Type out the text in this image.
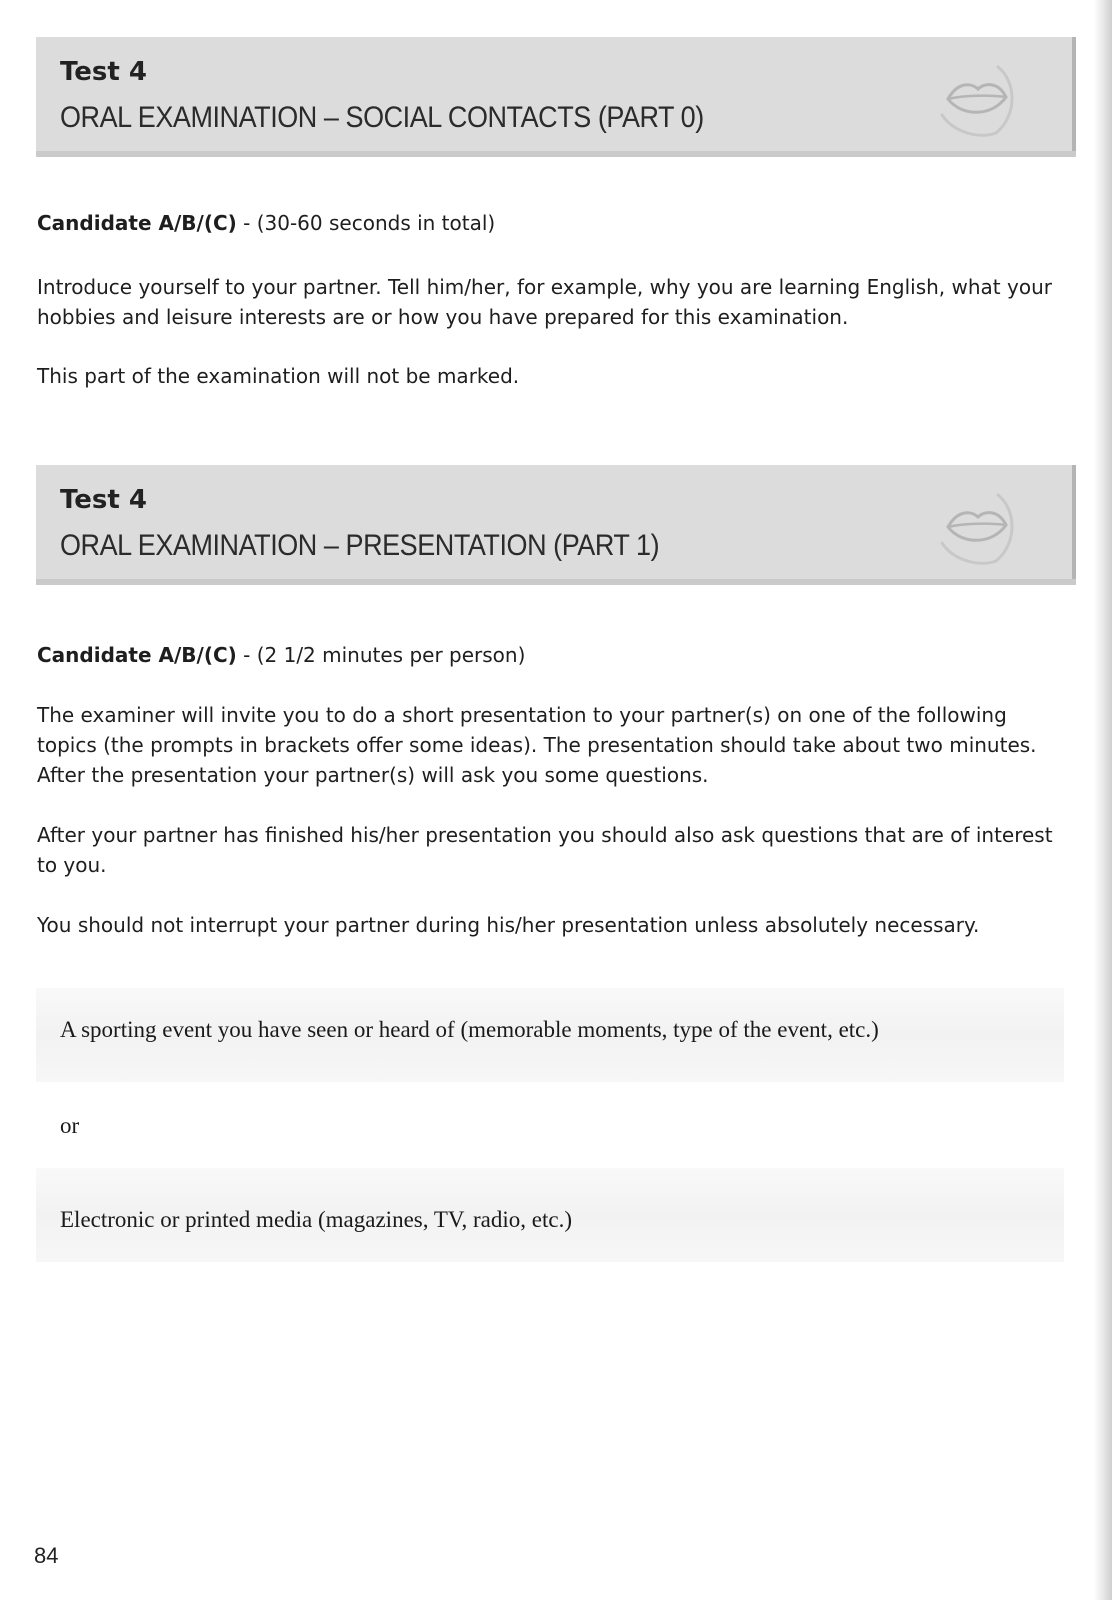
Test 4
ORAL EXAMINATION – SOCIAL CONTACTS (PART 0)

Candidate A/B/(C) - (30-60 seconds in total)

Introduce yourself to your partner. Tell him/her, for example, why you are learning English, what your hobbies and leisure interests are or how you have prepared for this examination.

This part of the examination will not be marked.

Test 4
ORAL EXAMINATION – PRESENTATION (PART 1)

Candidate A/B/(C) - (2 1/2 minutes per person)

The examiner will invite you to do a short presentation to your partner(s) on one of the following topics (the prompts in brackets offer some ideas). The presentation should take about two minutes. After the presentation your partner(s) will ask you some questions.

After your partner has finished his/her presentation you should also ask questions that are of interest to you.

You should not interrupt your partner during his/her presentation unless absolutely necessary.

A sporting event you have seen or heard of (memorable moments, type of the event, etc.)
or
Electronic or printed media (magazines, TV, radio, etc.)
84
